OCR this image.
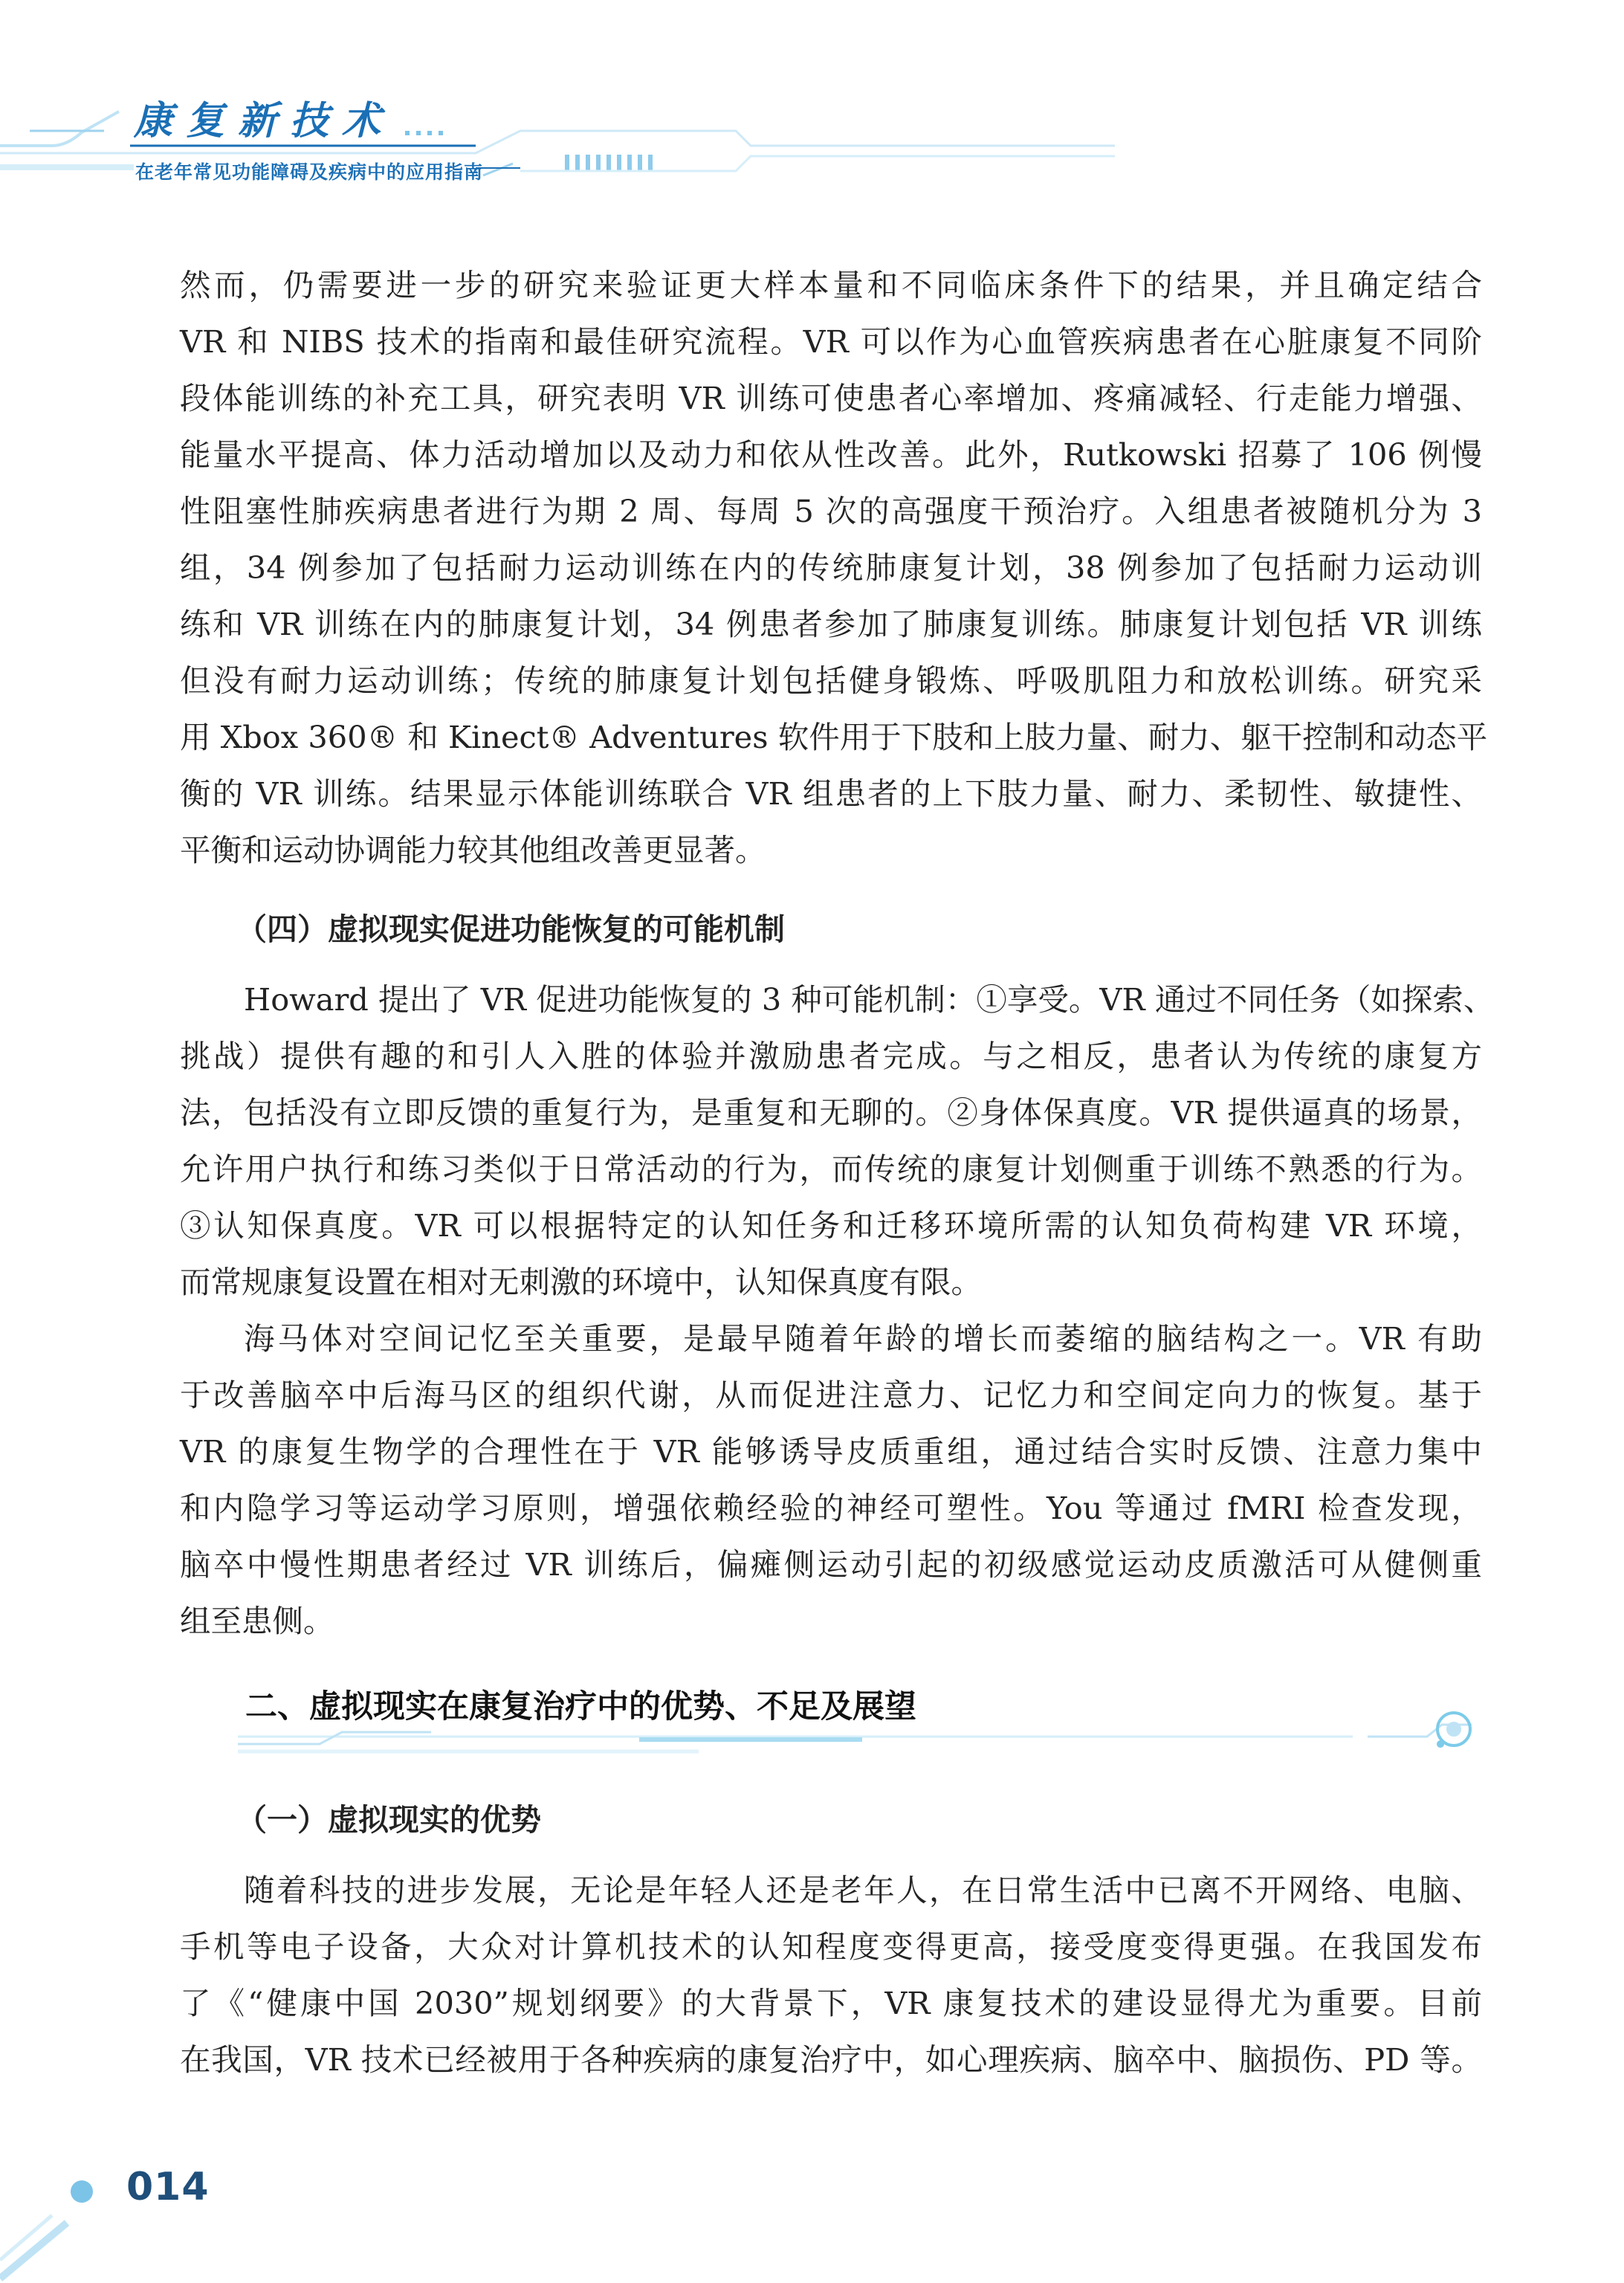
康复新技术
在老年常见功能障碍及疾病中的应用指南
然而，仍需要进一步的研究来验证更大样本量和不同临床条件下的结果，并且确定结合
VR 和 NIBS 技术的指南和最佳研究流程。VR 可以作为心血管疾病患者在心脏康复不同阶
段体能训练的补充工具，研究表明 VR 训练可使患者心率增加、疼痛减轻、行走能力增强、
能量水平提高、体力活动增加以及动力和依从性改善。此外，Rutkowski 招募了 106 例慢
性阻塞性肺疾病患者进行为期 2 周、每周 5 次的高强度干预治疗。入组患者被随机分为 3
组，34 例参加了包括耐力运动训练在内的传统肺康复计划，38 例参加了包括耐力运动训
练和 VR 训练在内的肺康复计划，34 例患者参加了肺康复训练。肺康复计划包括 VR 训练
但没有耐力运动训练；传统的肺康复计划包括健身锻炼、呼吸肌阻力和放松训练。研究采
用 Xbox 360® 和 Kinect® Adventures 软件用于下肢和上肢力量、耐力、躯干控制和动态平
衡的 VR 训练。结果显示体能训练联合 VR 组患者的上下肢力量、耐力、柔韧性、敏捷性、
平衡和运动协调能力较其他组改善更显著。
（四）虚拟现实促进功能恢复的可能机制
Howard 提出了 VR 促进功能恢复的 3 种可能机制：①享受。VR 通过不同任务（如探索、
挑战）提供有趣的和引人入胜的体验并激励患者完成。与之相反，患者认为传统的康复方
法，包括没有立即反馈的重复行为，是重复和无聊的。②身体保真度。VR 提供逼真的场景，
允许用户执行和练习类似于日常活动的行为，而传统的康复计划侧重于训练不熟悉的行为。
③认知保真度。VR 可以根据特定的认知任务和迁移环境所需的认知负荷构建 VR 环境，
而常规康复设置在相对无刺激的环境中，认知保真度有限。
海马体对空间记忆至关重要，是最早随着年龄的增长而萎缩的脑结构之一。VR 有助
于改善脑卒中后海马区的组织代谢，从而促进注意力、记忆力和空间定向力的恢复。基于
VR 的康复生物学的合理性在于 VR 能够诱导皮质重组，通过结合实时反馈、注意力集中
和内隐学习等运动学习原则，增强依赖经验的神经可塑性。You 等通过 fMRI 检查发现，
脑卒中慢性期患者经过 VR 训练后，偏瘫侧运动引起的初级感觉运动皮质激活可从健侧重
组至患侧。
二、虚拟现实在康复治疗中的优势、不足及展望
（一）虚拟现实的优势
随着科技的进步发展，无论是年轻人还是老年人，在日常生活中已离不开网络、电脑、
手机等电子设备，大众对计算机技术的认知程度变得更高，接受度变得更强。在我国发布
了《“健康中国 2030”规划纲要》的大背景下，VR 康复技术的建设显得尤为重要。目前
在我国，VR 技术已经被用于各种疾病的康复治疗中，如心理疾病、脑卒中、脑损伤、PD 等。
014
